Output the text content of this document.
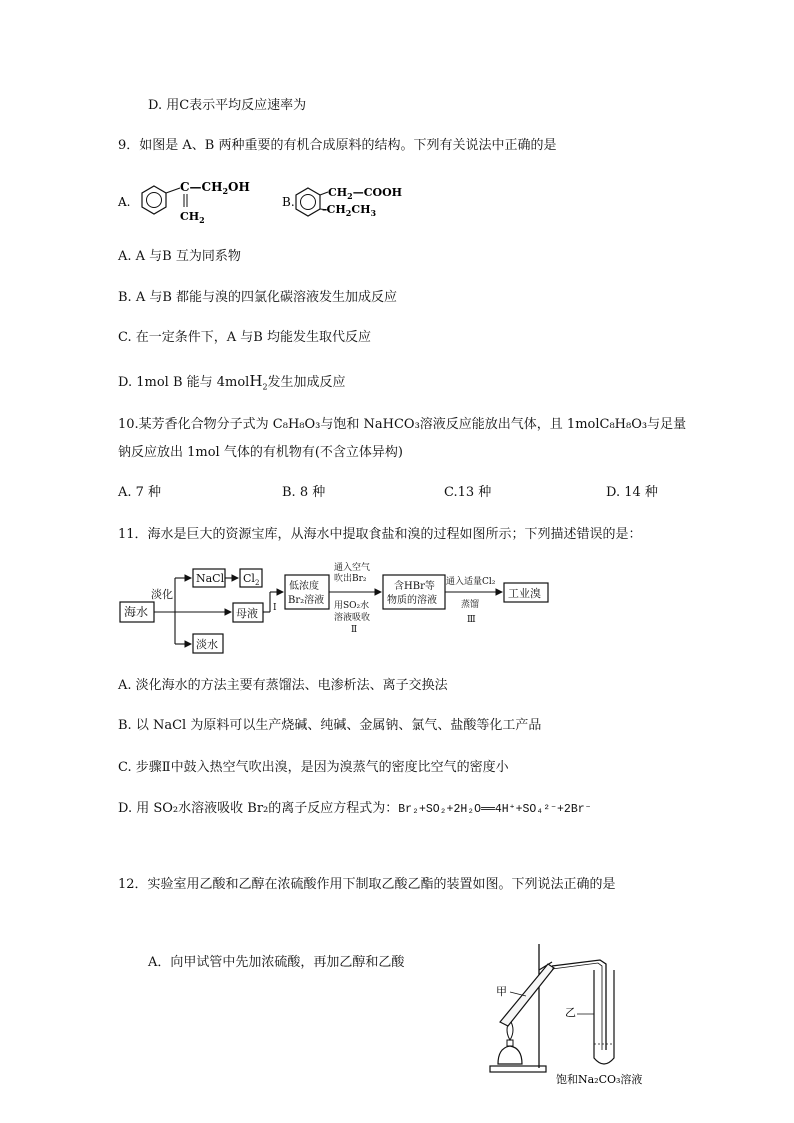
D. 用C表示平均反应速率为
9．如图是 A、B 两种重要的有机合成原料的结构。下列有关说法中正确的是
A.
$C—CH_2OH$
$CH_2$
B.
$CH_2—COOH$
$-CH_2CH_3$
A. A 与B 互为同系物
B. A 与B 都能与溴的四氯化碳溶液发生加成反应
C. 在一定条件下，A 与B 均能发生取代反应
D. 1mol B 能与 4molH$_2$发生加成反应
10.某芳香化合物分子式为 C₈H₈O₃与饱和 NaHCO₃溶液反应能放出气体，且 1molC₈H₈O₃与足量
钠反应放出 1mol 气体的有机物有(不含立体异构)
A. 7 种	B. 8 种	C.13 种	D. 14 种
11．海水是巨大的资源宝库，从海水中提取食盐和溴的过程如图所示；下列描述错误的是：
海水
淡化
NaCl $Cl_2$
母液 Ⅰ
淡水
低浓度
Br₂溶液
通入空气
吹出Br₂
用SO₂水
溶液吸收
Ⅱ
含HBr等
物质的溶液
通入适量Cl₂
蒸馏
Ⅲ
工业溴
A. 淡化海水的方法主要有蒸馏法、电渗析法、离子交换法
B. 以 NaCl 为原料可以生产烧碱、纯碱、金属钠、氯气、盐酸等化工产品
C. 步骤Ⅱ中鼓入热空气吹出溴，是因为溴蒸气的密度比空气的密度小
D. 用 SO₂水溶液吸收 Br₂的离子反应方程式为：Br₂+SO₂+2H₂O══4H⁺+SO₄²⁻+2Br⁻
12．实验室用乙酸和乙醇在浓硫酸作用下制取乙酸乙酯的装置如图。下列说法正确的是
A．向甲试管中先加浓硫酸，再加乙醇和乙酸
甲
乙
饱和Na₂CO₃溶液
